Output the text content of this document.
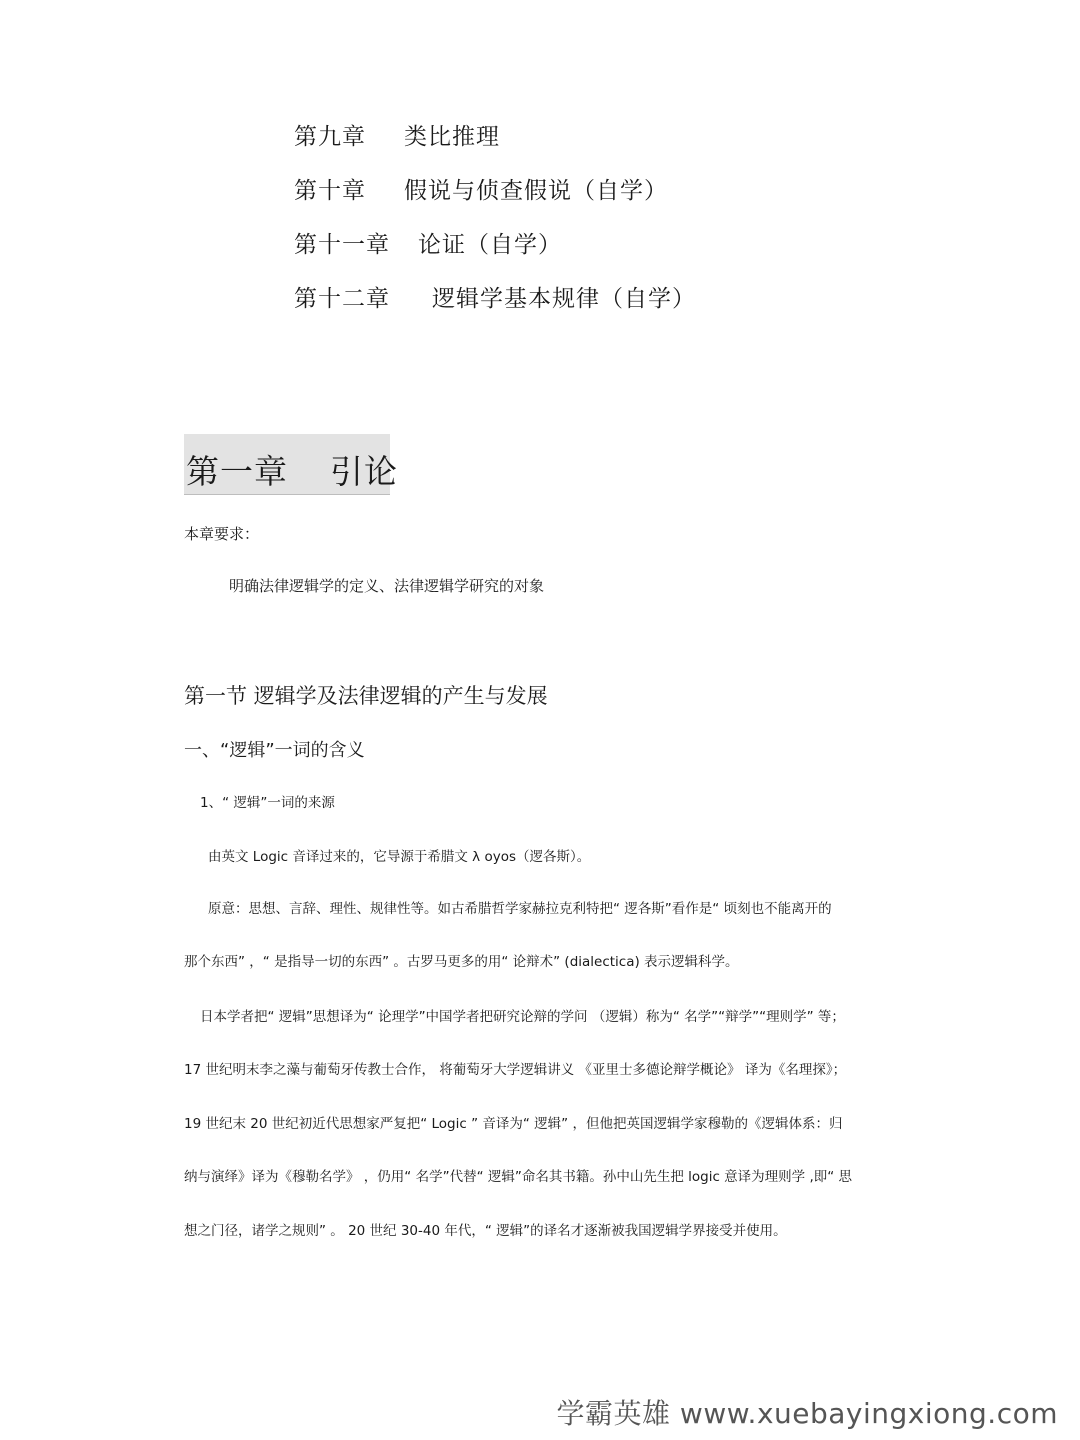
第九章 类比推理
第十章 假说与侦查假说（自学）
第十一章 论证（自学）
第十二章 逻辑学基本规律（自学）
第一章 引论
本章要求：
明确法律逻辑学的定义、法律逻辑学研究的对象
第一节 逻辑学及法律逻辑的产生与发展
一、“逻辑”一词的含义
1、“ 逻辑”一词的来源
由英文 Logic 音译过来的，它导源于希腊文 λ oyos（逻各斯）。
原意：思想、言辞、理性、规律性等。如古希腊哲学家赫拉克利特把“ 逻各斯”看作是“ 顷刻也不能离开的
那个东西” ，“ 是指导一切的东西” 。古罗马更多的用“ 论辩术” (dialectica) 表示逻辑科学。
日本学者把“ 逻辑”思想译为“ 论理学”中国学者把研究论辩的学问 （逻辑）称为“ 名学”“辩学”“理则学” 等；
17 世纪明末李之藻与葡萄牙传教士合作， 将葡萄牙大学逻辑讲义 《亚里士多德论辩学概论》 译为《名理探》；
19 世纪末 20 世纪初近代思想家严复把“ Logic ” 音译为“ 逻辑” ，但他把英国逻辑学家穆勒的《逻辑体系：归
纳与演绎》译为《穆勒名学》 ，仍用“ 名学”代替“ 逻辑”命名其书籍。孙中山先生把 logic 意译为理则学 ,即“ 思
想之门径，诸学之规则” 。 20 世纪 30-40 年代，“ 逻辑”的译名才逐渐被我国逻辑学界接受并使用。
学霸英雄 www.xuebayingxiong.com
